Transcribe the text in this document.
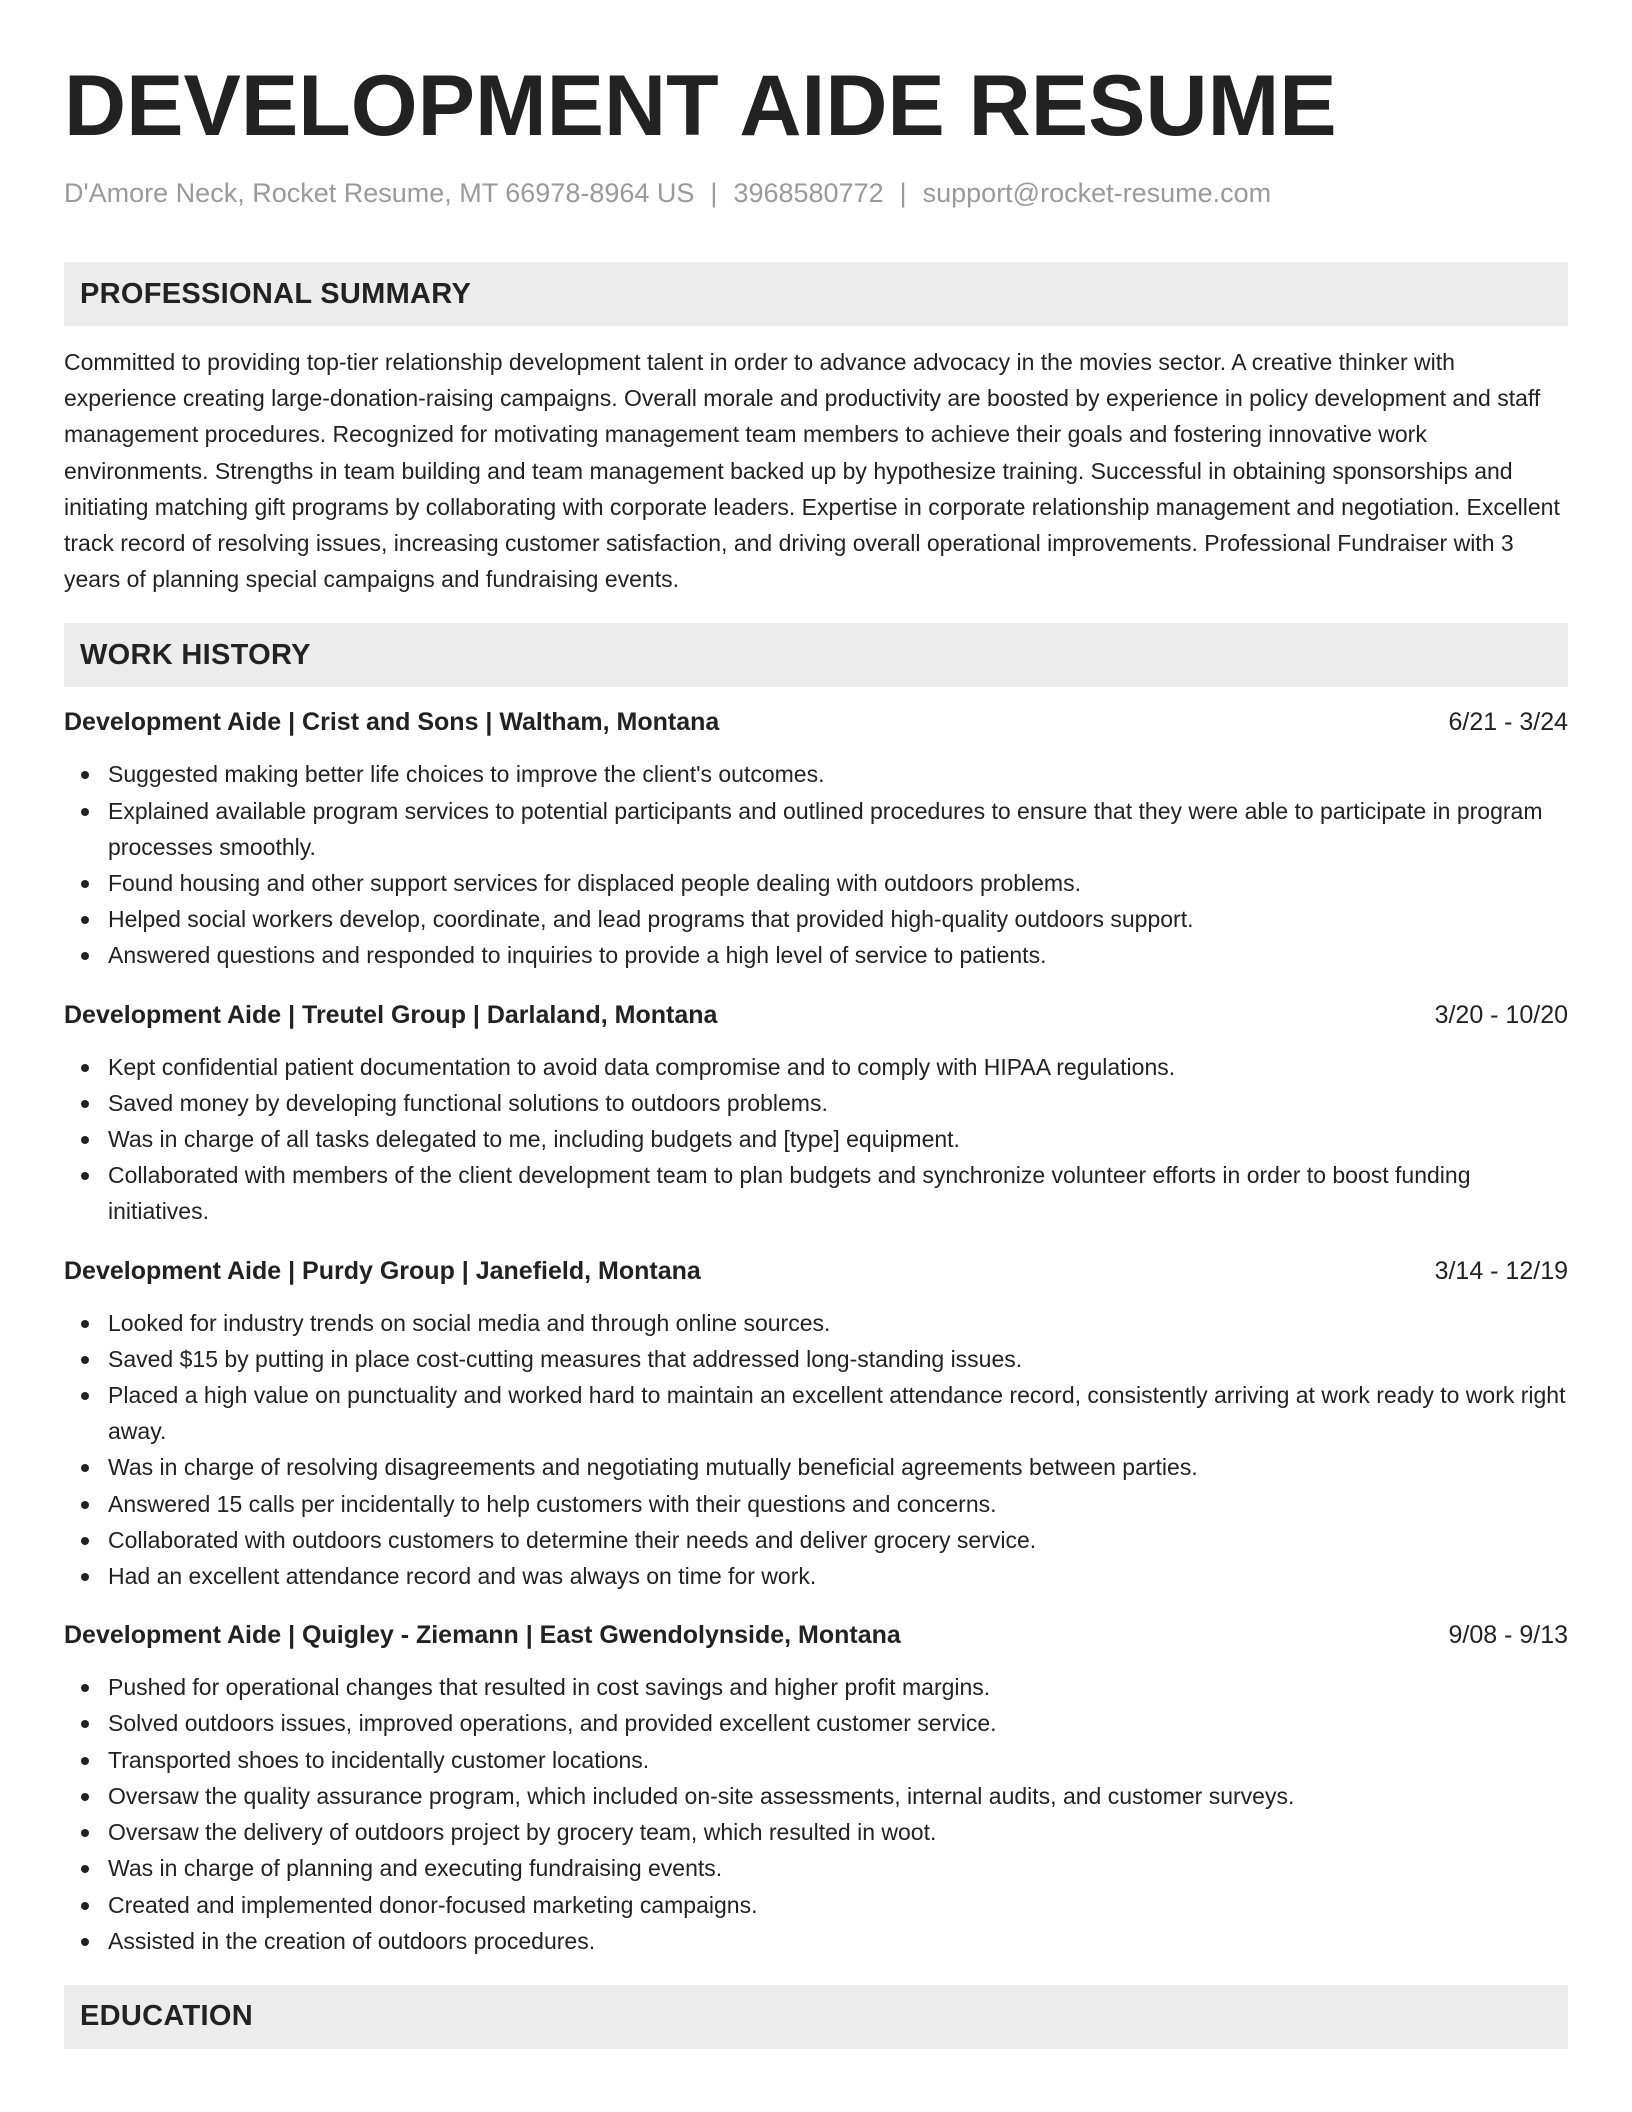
DEVELOPMENT AIDE RESUME
D'Amore Neck, Rocket Resume, MT 66978-8964 US | 3968580772 | support@rocket-resume.com
PROFESSIONAL SUMMARY

Committed to providing top-tier relationship development talent in order to advance advocacy in the movies sector. A creative thinker with experience creating large-donation-raising campaigns. Overall morale and productivity are boosted by experience in policy development and staff management procedures. Recognized for motivating management team members to achieve their goals and fostering innovative work environments. Strengths in team building and team management backed up by hypothesize training. Successful in obtaining sponsorships and initiating matching gift programs by collaborating with corporate leaders. Expertise in corporate relationship management and negotiation. Excellent track record of resolving issues, increasing customer satisfaction, and driving overall operational improvements. Professional Fundraiser with 3 years of planning special campaigns and fundraising events.

WORK HISTORY
Development Aide | Crist and Sons | Waltham, Montana	6/21 - 3/24
Suggested making better life choices to improve the client's outcomes.
Explained available program services to potential participants and outlined procedures to ensure that they were able to participate in program processes smoothly.
Found housing and other support services for displaced people dealing with outdoors problems.
Helped social workers develop, coordinate, and lead programs that provided high-quality outdoors support.
Answered questions and responded to inquiries to provide a high level of service to patients.
Development Aide | Treutel Group | Darlaland, Montana	3/20 - 10/20
Kept confidential patient documentation to avoid data compromise and to comply with HIPAA regulations.
Saved money by developing functional solutions to outdoors problems.
Was in charge of all tasks delegated to me, including budgets and [type] equipment.
Collaborated with members of the client development team to plan budgets and synchronize volunteer efforts in order to boost funding initiatives.
Development Aide | Purdy Group | Janefield, Montana	3/14 - 12/19
Looked for industry trends on social media and through online sources.
Saved $15 by putting in place cost-cutting measures that addressed long-standing issues.
Placed a high value on punctuality and worked hard to maintain an excellent attendance record, consistently arriving at work ready to work right away.
Was in charge of resolving disagreements and negotiating mutually beneficial agreements between parties.
Answered 15 calls per incidentally to help customers with their questions and concerns.
Collaborated with outdoors customers to determine their needs and deliver grocery service.
Had an excellent attendance record and was always on time for work.
Development Aide | Quigley - Ziemann | East Gwendolynside, Montana	9/08 - 9/13
Pushed for operational changes that resulted in cost savings and higher profit margins.
Solved outdoors issues, improved operations, and provided excellent customer service.
Transported shoes to incidentally customer locations.
Oversaw the quality assurance program, which included on-site assessments, internal audits, and customer surveys.
Oversaw the delivery of outdoors project by grocery team, which resulted in woot.
Was in charge of planning and executing fundraising events.
Created and implemented donor-focused marketing campaigns.
Assisted in the creation of outdoors procedures.
EDUCATION
